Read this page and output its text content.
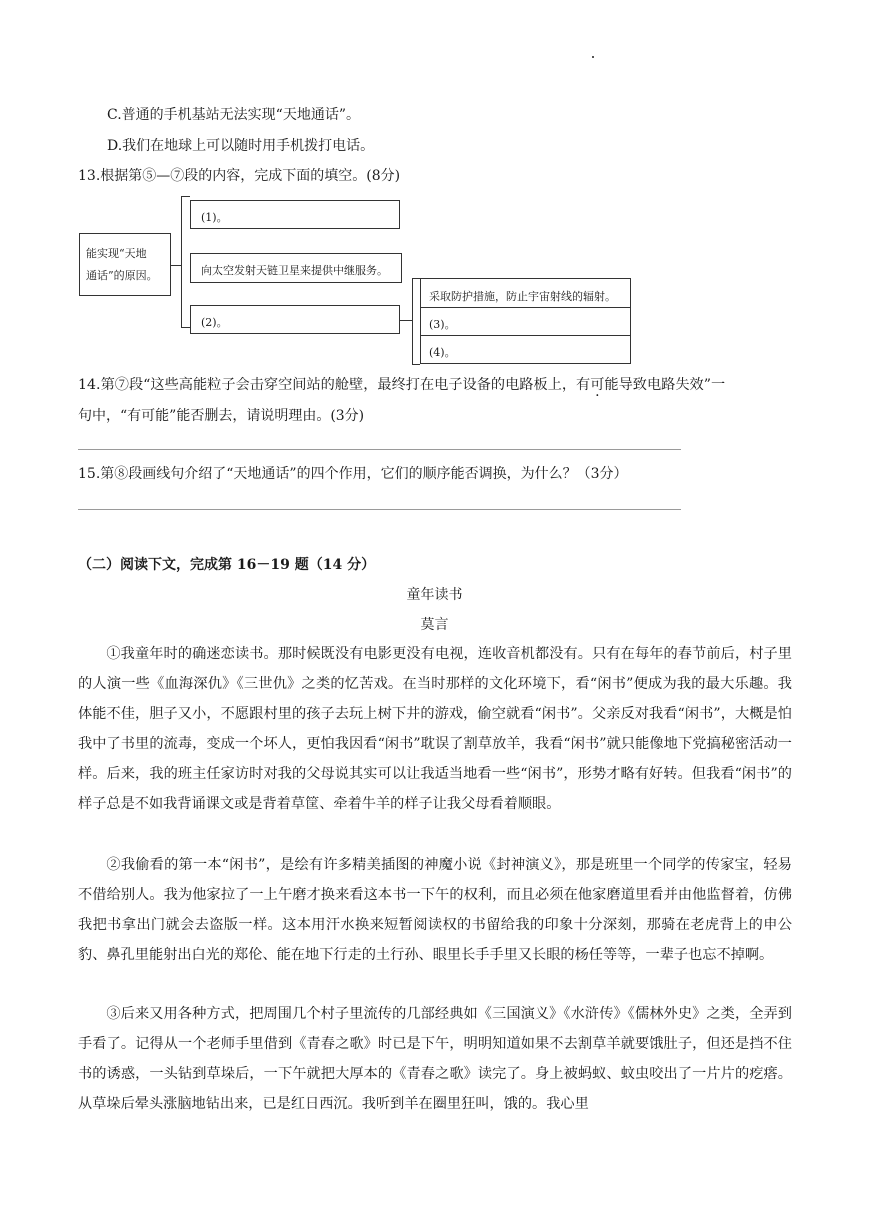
C.普通的手机基站无法实现“天地通话”。
D.我们在地球上可以随时用手机拨打电话。
13.根据第⑤—⑦段的内容，完成下面的填空。(8分)
能实现“天地
通话”的原因。
(1)。
向太空发射天链卫星来提供中继服务。
(2)。
采取防护措施，防止宇宙射线的辐射。
(3)。
(4)。
14.第⑦段“这些高能粒子会击穿空间站的舱壁，最终打在电子设备的电路板上，有可能导致电路失效”一
句中，“有可能”能否删去，请说明理由。(3分)
15.第⑧段画线句介绍了“天地通话”的四个作用，它们的顺序能否调换，为什么？（3分）
（二）阅读下文，完成第 16－19 题（14 分）
童年读书
莫言
①我童年时的确迷恋读书。那时候既没有电影更没有电视，连收音机都没有。只有在每年的春节前后，村子里的人演一些《血海深仇》《三世仇》之类的忆苦戏。在当时那样的文化环境下，看“闲书”便成为我的最大乐趣。我体能不佳，胆子又小，不愿跟村里的孩子去玩上树下井的游戏，偷空就看“闲书”。父亲反对我看“闲书”，大概是怕我中了书里的流毒，变成一个坏人，更怕我因看“闲书”耽误了割草放羊，我看“闲书”就只能像地下党搞秘密活动一样。后来，我的班主任家访时对我的父母说其实可以让我适当地看一些“闲书”，形势才略有好转。但我看“闲书”的样子总是不如我背诵课文或是背着草筐、牵着牛羊的样子让我父母看着顺眼。
②我偷看的第一本“闲书”，是绘有许多精美插图的神魔小说《封神演义》，那是班里一个同学的传家宝，轻易不借给别人。我为他家拉了一上午磨才换来看这本书一下午的权利，而且必须在他家磨道里看并由他监督着，仿佛我把书拿出门就会去盗版一样。这本用汗水换来短暂阅读权的书留给我的印象十分深刻，那骑在老虎背上的申公豹、鼻孔里能射出白光的郑伦、能在地下行走的土行孙、眼里长手手里又长眼的杨任等等，一辈子也忘不掉啊。
③后来又用各种方式，把周围几个村子里流传的几部经典如《三国演义》《水浒传》《儒林外史》之类，全弄到手看了。记得从一个老师手里借到《青春之歌》时已是下午，明明知道如果不去割草羊就要饿肚子，但还是挡不住书的诱惑，一头钻到草垛后，一下午就把大厚本的《青春之歌》读完了。身上被蚂蚁、蚊虫咬出了一片片的疙瘩。从草垛后晕头涨脑地钻出来，已是红日西沉。我听到羊在圈里狂叫，饿的。我心里
